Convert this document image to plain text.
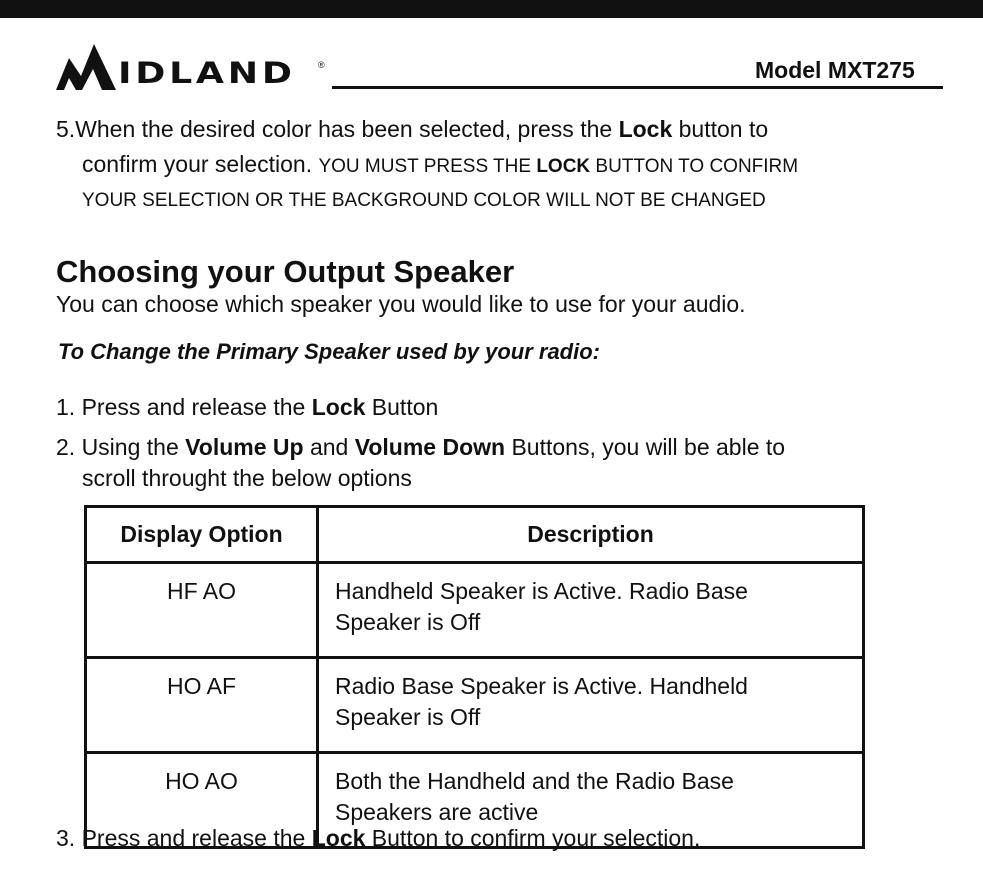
IDLAND ®	Model MXT275
5.When the desired color has been selected, press the Lock button to
confirm your selection. YOU MUST PRESS THE LOCK BUTTON TO CONFIRM
YOUR SELECTION OR THE BACKGROUND COLOR WILL NOT BE CHANGED
Choosing your Output Speaker
You can choose which speaker you would like to use for your audio.
To Change the Primary Speaker used by your radio:
1. Press and release the Lock Button
2. Using the Volume Up and Volume Down Buttons, you will be able to
scroll throught the below options
Display Option	Description
HF AO	Handheld Speaker is Active. Radio Base
Speaker is Off

HO AF	Radio Base Speaker is Active. Handheld
Speaker is Off

HO AO	Both the Handheld and the Radio Base
Speakers are active
3. Press and release the Lock Button to confirm your selection.
